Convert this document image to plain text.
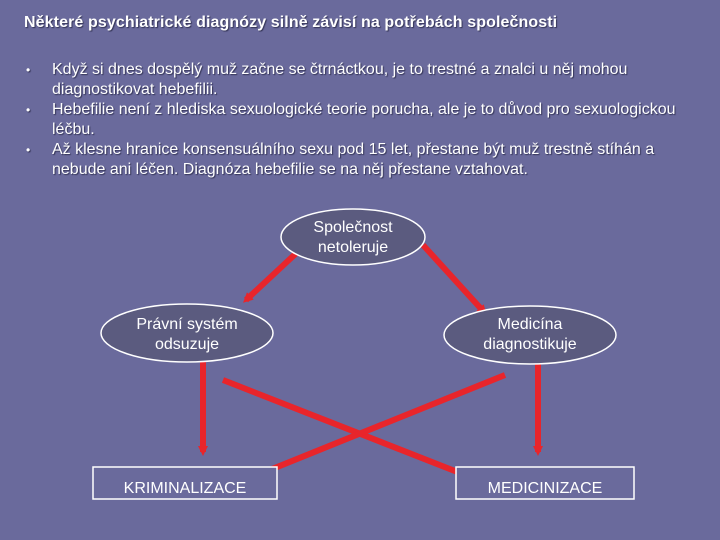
Některé psychiatrické diagnózy silně závisí na potřebách společnosti
• Když si dnes dospělý muž začne se čtrnáctkou, je to trestné a znalci u něj mohou diagnostikovat hebefilii.
• Hebefilie není z hlediska sexuologické teorie porucha, ale je to důvod pro sexuologickou léčbu.
• Až klesne hranice konsensuálního sexu pod 15 let, přestane být muž trestně stíhán a nebude ani léčen. Diagnóza hebefilie se na něj přestane vztahovat.
Společnost
netoleruje
Právní systém
odsuzuje
Medicína
diagnostikuje
KRIMINALIZACE	MEDICINIZACE
